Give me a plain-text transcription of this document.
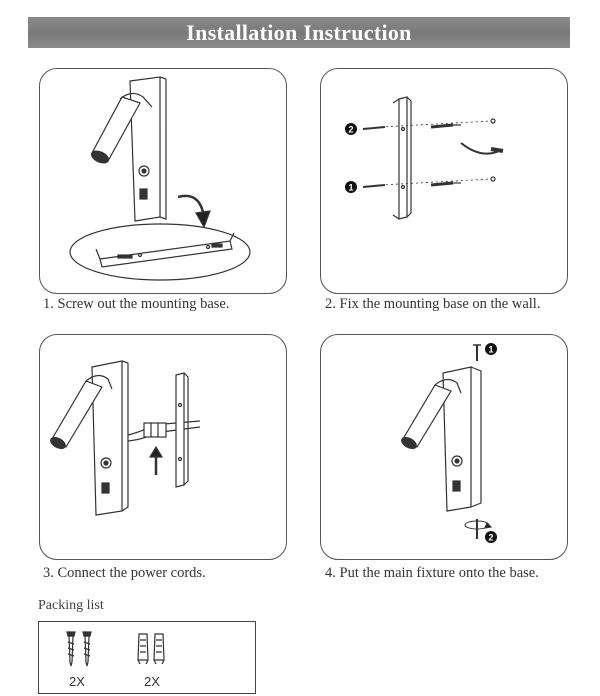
Installation Instruction
1. Screw out the mounting base.
2
1
2. Fix the mounting base on the wall.
3. Connect the power cords.
1
2
4. Put the main fixture onto the base.
Packing list
2X	2X
